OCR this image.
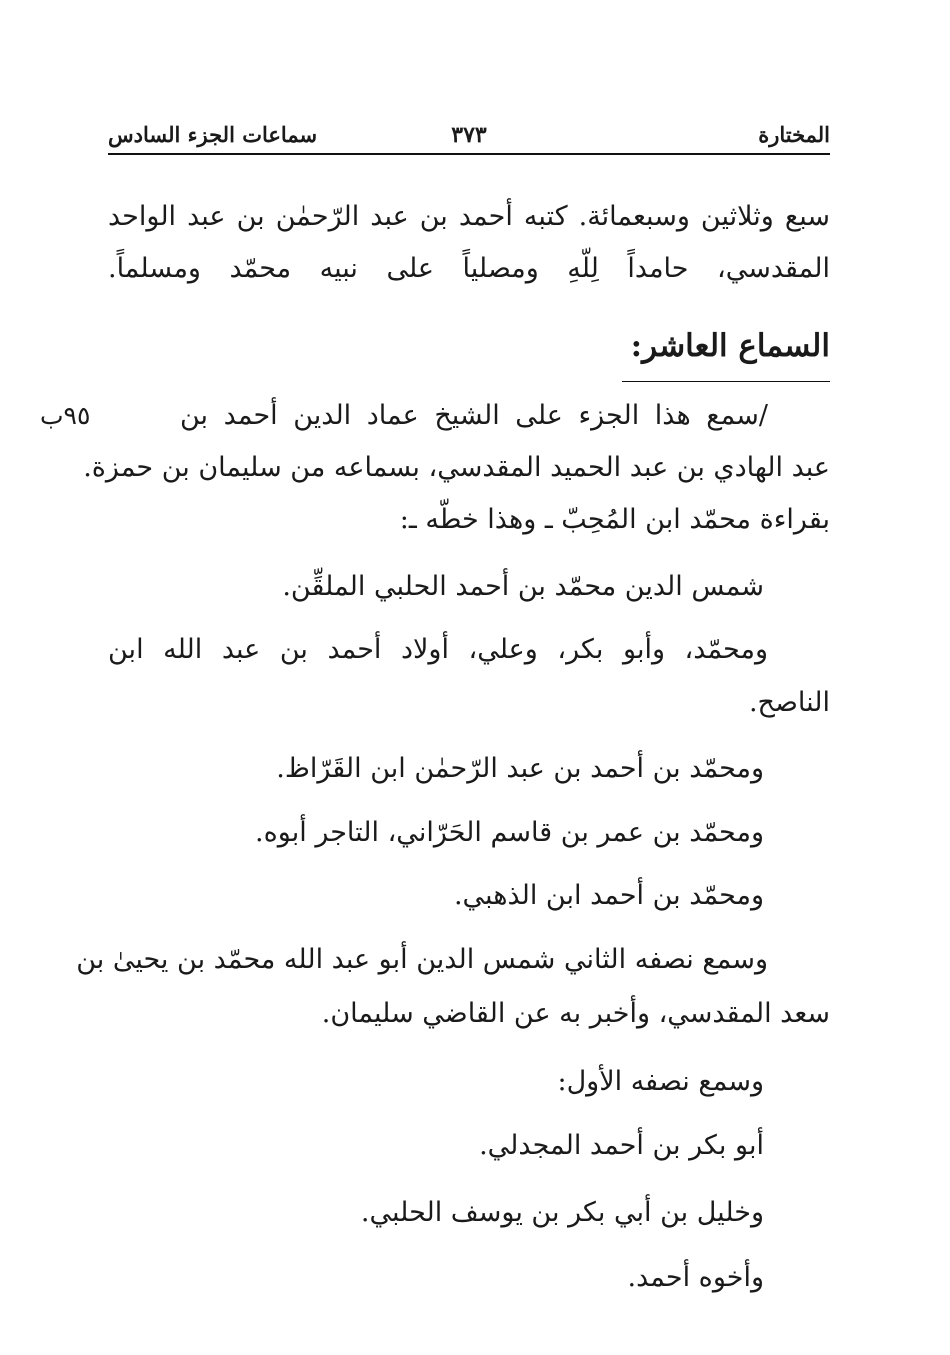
المختارة
٣٧٣
سماعات الجزء السادس
سبع وثلاثين وسبعمائة. كتبه أحمد بن عبد الرّحمٰن بن عبد الواحد
المقدسي، حامداً لِلّهِ ومصلياً على نبيه محمّد ومسلماً.
السماع العاشر:
٩٥ب	/سمع هذا الجزء على الشيخ عماد الدين أحمد بن
عبد الهادي بن عبد الحميد المقدسي، بسماعه من سليمان بن حمزة.
بقراءة محمّد ابن المُحِبّ ـ وهذا خطّه ـ:
شمس الدين محمّد بن أحمد الحلبي الملقِّن.
ومحمّد، وأبو بكر، وعلي، أولاد أحمد بن عبد الله ابن
الناصح.
ومحمّد بن أحمد بن عبد الرّحمٰن ابن القَرّاظ.
ومحمّد بن عمر بن قاسم الحَرّاني، التاجر أبوه.
ومحمّد بن أحمد ابن الذهبي.
وسمع نصفه الثاني شمس الدين أبو عبد الله محمّد بن يحيىٰ بن
سعد المقدسي، وأخبر به عن القاضي سليمان.
وسمع نصفه الأول:
أبو بكر بن أحمد المجدلي.
وخليل بن أبي بكر بن يوسف الحلبي.
وأخوه أحمد.
